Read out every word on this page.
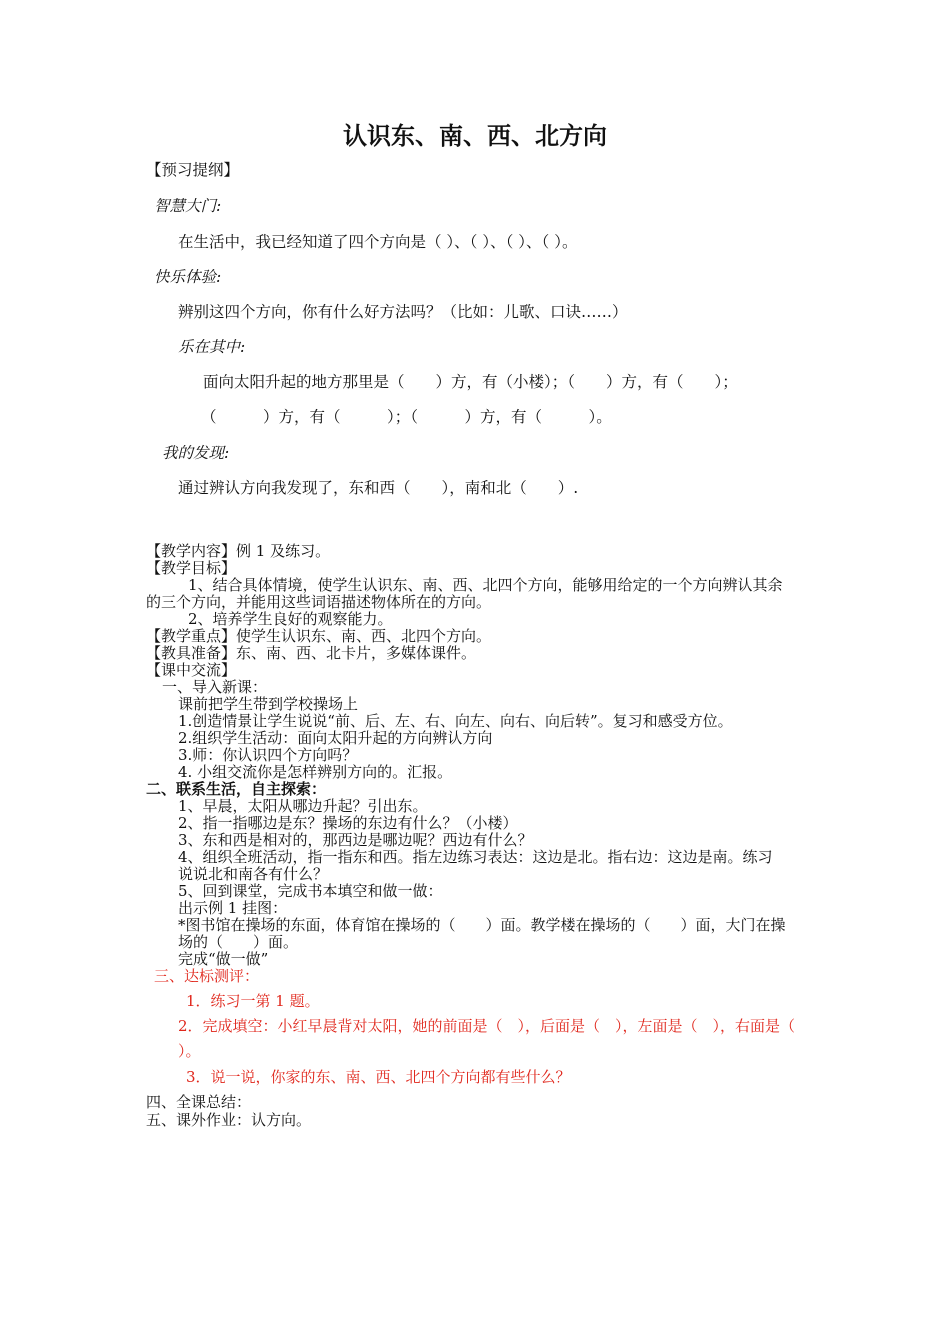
认识东、南、西、北方向
【预习提纲】
智慧大门:
在生活中，我已经知道了四个方向是（ ）、（ ）、（ ）、（ ）。
快乐体验:
辨别这四个方向，你有什么好方法吗？（比如：儿歌、口诀……）
乐在其中:
面向太阳升起的地方那里是（　　）方，有（小楼）；（　　）方，有（　　）；
（　　　）方，有（　　　）；（　　　）方，有（　　　）。
我的发现:
通过辨认方向我发现了，东和西（　　），南和北（　　）.
【教学内容】例 1 及练习。
【教学目标】
1、结合具体情境，使学生认识东、南、西、北四个方向，能够用给定的一个方向辨认其余
的三个方向，并能用这些词语描述物体所在的方向。
2、培养学生良好的观察能力。
【教学重点】使学生认识东、南、西、北四个方向。
【教具准备】东、南、西、北卡片，多媒体课件。
【课中交流】
一、导入新课：
课前把学生带到学校操场上
1.创造情景让学生说说“前、后、左、右、向左、向右、向后转”。复习和感受方位。
2.组织学生活动：面向太阳升起的方向辨认方向
3.师：你认识四个方向吗？
4. 小组交流你是怎样辨别方向的。汇报。
二、联系生活，自主探索：
1、早晨，太阳从哪边升起？引出东。
2、指一指哪边是东？操场的东边有什么？（小楼）
3、东和西是相对的，那西边是哪边呢？西边有什么？
4、组织全班活动，指一指东和西。指左边练习表达：这边是北。指右边：这边是南。练习
说说北和南各有什么？
5、回到课堂，完成书本填空和做一做：
出示例 1 挂图：
*图书馆在操场的东面，体育馆在操场的（　　）面。教学楼在操场的（　　）面，大门在操
场的（　　）面。
完成“做一做”
三、达标测评：
1．练习一第 1 题。
2．完成填空：小红早晨背对太阳，她的前面是（　），后面是（　），左面是（　），右面是（
）。
3．说一说，你家的东、南、西、北四个方向都有些什么？
四、全课总结：
五、课外作业：认方向。
